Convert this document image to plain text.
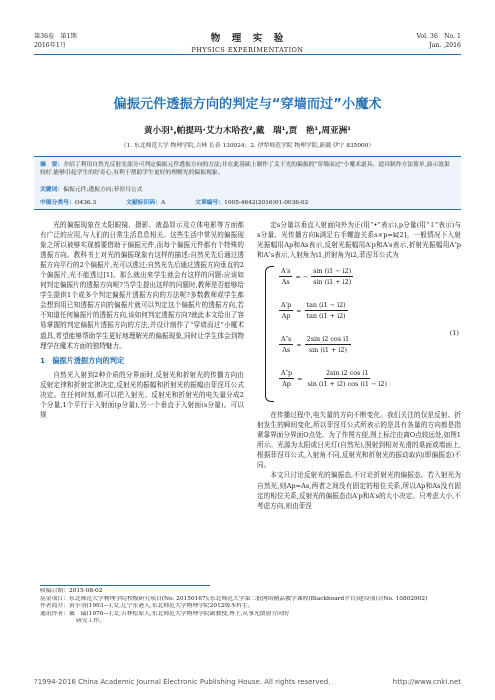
第36卷　第1期
2016年1月
物　理　实　验
PHYSICS EXPERIMENTATION
Vol. 36　No. 1
Jan. ,2016
偏振元件透振方向的判定与“穿墙而过”小魔术
黄小羽¹,帕提玛·艾力木哈孜²,戴　瑞¹,贾　艳¹,周亚洲¹
（1. 东北师范大学 物理学院,吉林 长春 130024；2. 伊犁师范学院 物理学院,新疆 伊宁 835000）
摘　要：介绍了利用自然光反射光部分可判定偏振元件透振方向的方法;并在此基础上制作了关于光的偏振的“穿墙而过”小魔术道具。道具制作方法简单,演示效果较好,能够引起学生的好奇心,有利于帮助学生更好的理解光的偏振现象。
关键词：偏振元件;透振方向;菲涅耳公式
中图分类号：O436.3	文献标识码：A	文章编号：1005-4642(2016)01-0036-02

光的偏振现象在太阳眼镜、摄影、液晶显示及立体电影等方面都有广泛的应用,与人们的日常生活息息相关。这些生活中常见的偏振现象之所以被够实现都要借助于偏振元件,而每个偏振元件都有个特殊的透振方向。教科书上对光的偏振现象有这样的描述:自然光先后通过透振方向平行的2个偏振片,光可以透过;自然光先后通过透振方向垂直的2个偏振片,光不能透过[1]。那么就出来学生就会有这样的问题:应该如何判定偏振片的透振方向呢?当学生提出这样的问题时,教师是否能够给学生提供1个或多个判定偏振片透振方向的方法呢?多数教师或学生都会想到用已知透振方向的偏振片就可以判定这个偏振片的透振方向,若不知道任何偏振片的透振方向,该如何判定透振方向?就此本文给出了容易掌握的判定偏振片透振方向的方法,并设计制作了“穿墙而过”小魔术道具,希望能够帮助学生更好地理解光的偏振现象,同时让学生体会到物理学在魔术方面的独特魅力。

1　偏振片透振方向的判定

自然光入射到2种介质的分界面时,反射光和折射光的传播方向由反射定律和折射定律决定,反射光的振幅和折射光的振幅由菲涅耳公式决定。在任何时刻,都可以把入射光、反射光和折射光的电矢量分成2个分量,1个平行于入射面(p分量),另一个垂直于入射面(s分量)。可以规

定s分量以垂直入射面向外为正(用“•”表示),p分量(用“↕”表示)与s分量、光传播方向k满足右手螺旋关系s×p=k[2]。一般情况下入射光振幅用Ap和As表示,反射光振幅用A′p和A′s表示,折射光振幅用A″p和A″s表示,入射角为i1,折射角为i2,菲涅耳公式为

$\frac{A's}{As}$ = − $\frac{\sin (i1 - i2)}{\sin (i1 + i2)}$
$\frac{A'p}{Ap} = \frac{\tan (i1 - i2)}{\tan (i1 + i2)}$
$\frac{A''s}{As} = \frac{\text{2sin i2 cos i1}}{\sin (i1 + i2)}$
$\frac{A''p}{Ap} = \frac{\text{2sin i2 cos i1}}{\sin (i1 + i2) \cos (i1 - i2)}$
(1)

在传播过程中,电矢量的方向不断变化。我们关注的仅是反射、折射发生的瞬间变化,所以菲涅耳公式所表示的是具有各量的方向都是指紧靠界面分界面O点处。为了作图方便,图上标注由离O点较远处,如图1所示。光源为太阳或日光灯(自然光),照射到相对光滑的桌面或墙面上,根据菲涅耳公式,入射角不同,反射光和折射光的振动取向(即偏振态)不同。

本文只讨论反射光的偏振态,不讨论折射光的偏振态。若入射光为自然光,则Ap=As,两者之间没有固定的相位关系,所以Ap和As没有固定的相位关系,反射光的偏振态由A′p和A′s的大小决定。只考虑大小,不考虑方向,则由菲涅

收稿日期：2015-08-02
基金项目：东北师范大学物理学院校级研究项目(No. 20150167);东北师范大学第二批网络精品教学课程(Blackboard平台)建设项目(No. 10802902)
作者简介：黄小羽(1993—),女,辽宁东港人,东北师范大学物理学院2012级本科生。
通讯作者：戴　瑞(1976—),女,吉林松原人,东北师范大学物理学院副教授,博士,从事光散射方向的
研究工作。
?1994-2016 China Academic Journal Electronic Publishing House. All rights reserved.	http://www.cnki.net
